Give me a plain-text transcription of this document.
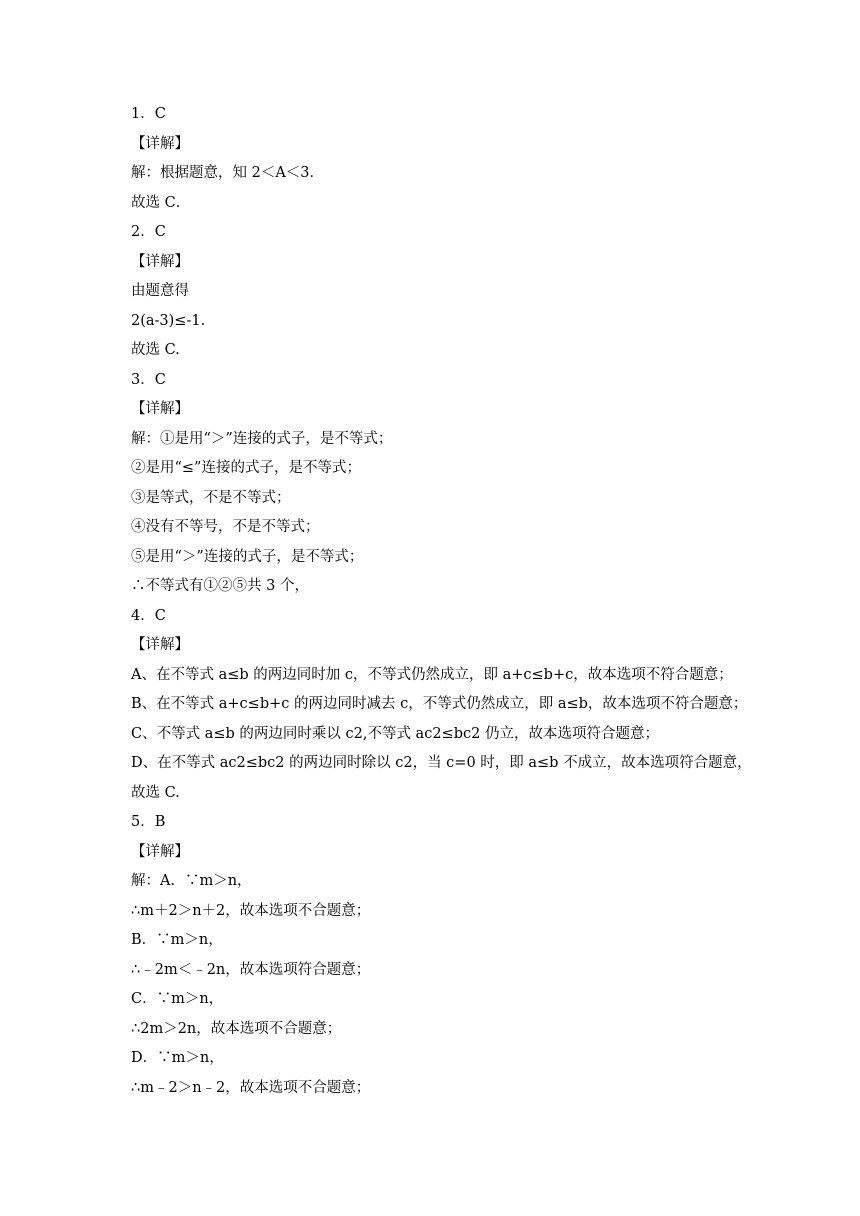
1．C
【详解】
解：根据题意，知 2＜A＜3．
故选 C．
2．C
【详解】
由题意得
2(a-3)≤-1.
故选 C.
3．C
【详解】
解：①是用“＞”连接的式子，是不等式；
②是用“≤”连接的式子，是不等式；
③是等式，不是不等式；
④没有不等号，不是不等式；
⑤是用“＞”连接的式子，是不等式；
∴不等式有①②⑤共 3 个，
4．C
【详解】
A、在不等式 a≤b 的两边同时加 c，不等式仍然成立，即 a+c≤b+c，故本选项不符合题意；
B、在不等式 a+c≤b+c 的两边同时减去 c，不等式仍然成立，即 a≤b，故本选项不符合题意；
C、不等式 a≤b 的两边同时乘以 c2,不等式 ac2≤bc2 仍立，故本选项符合题意；
D、在不等式 ac2≤bc2 的两边同时除以 c2，当 c=0 时，即 a≤b 不成立，故本选项符合题意，
故选 C.
5．B
【详解】
解：A．∵m＞n，
∴m＋2＞n＋2，故本选项不合题意；
B．∵m＞n，
∴﹣2m＜﹣2n，故本选项符合题意；
C．∵m＞n，
∴2m＞2n，故本选项不合题意；
D．∵m＞n，
∴m﹣2＞n﹣2，故本选项不合题意；
